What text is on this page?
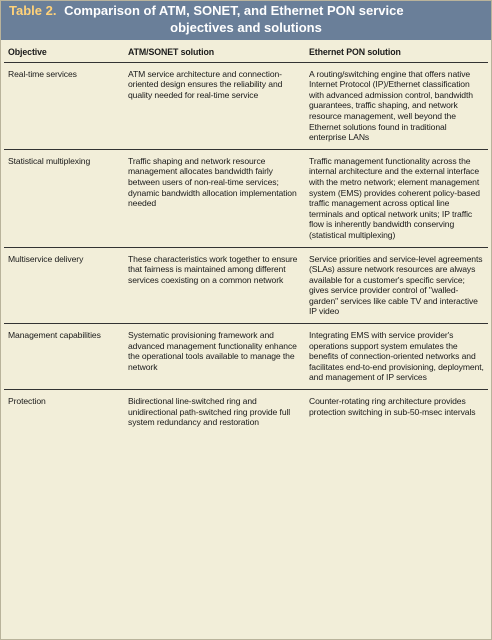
Table 2. Comparison of ATM, SONET, and Ethernet PON service
objectives and solutions
Objective	ATM/SONET solution	Ethernet PON solution
Real-time services	ATM service architecture and connection-oriented design ensures the reliability and quality needed for real-time service	A routing/switching engine that offers native Internet Protocol (IP)/Ethernet classification with advanced admission control, bandwidth guarantees, traffic shaping, and network resource management, well beyond the Ethernet solutions found in traditional enterprise LANs
Statistical multiplexing	Traffic shaping and network resource management allocates bandwidth fairly between users of non-real-time services; dynamic bandwidth allocation implementation needed	Traffic management functionality across the internal architecture and the external interface with the metro network; element management system (EMS) provides coherent policy-based traffic management across optical line terminals and optical network units; IP traffic flow is inherently bandwidth conserving (statistical multiplexing)
Multiservice delivery	These characteristics work together to ensure that fairness is maintained among different services coexisting on a common network	Service priorities and service-level agreements (SLAs) assure network resources are always available for a customer's specific service; gives service provider control of "walled-garden" services like cable TV and interactive IP video
Management capabilities	Systematic provisioning framework and advanced management functionality enhance the operational tools available to manage the network	Integrating EMS with service provider's operations support system emulates the benefits of connection-oriented networks and facilitates end-to-end provisioning, deployment, and management of IP services
Protection	Bidirectional line-switched ring and unidirectional path-switched ring provide full system redundancy and restoration	Counter-rotating ring architecture provides protection switching in sub-50-msec intervals
